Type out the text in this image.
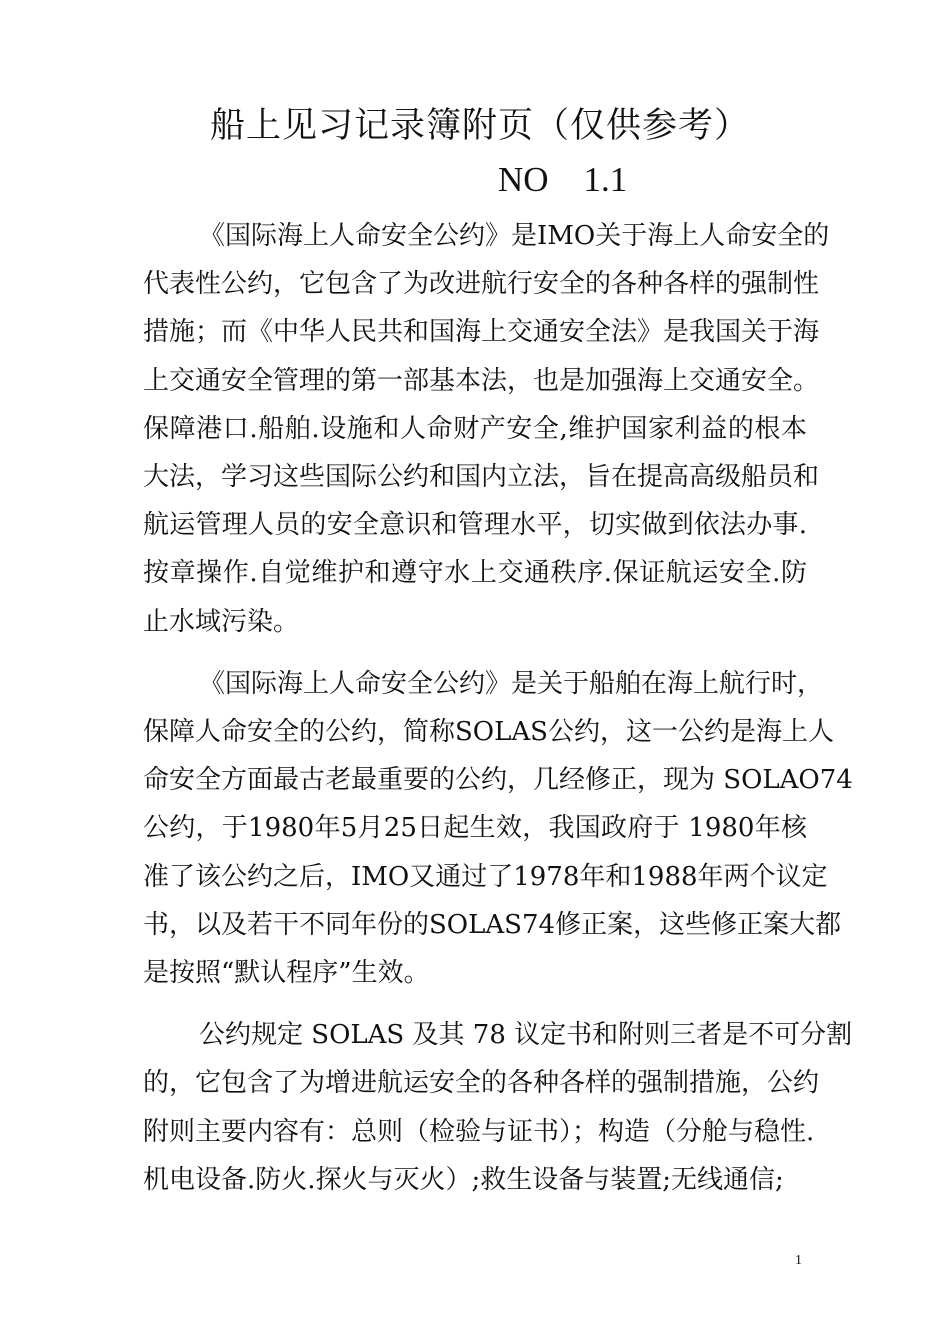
船上见习记录簿附页（仅供参考）
NO　1.1
《国际海上人命安全公约》是IMO关于海上人命安全的
代表性公约，它包含了为改进航行安全的各种各样的强制性
措施；而《中华人民共和国海上交通安全法》是我国关于海
上交通安全管理的第一部基本法，也是加强海上交通安全。
保障港口.船舶.设施和人命财产安全,维护国家利益的根本
大法，学习这些国际公约和国内立法，旨在提高高级船员和
航运管理人员的安全意识和管理水平，切实做到依法办事.
按章操作.自觉维护和遵守水上交通秩序.保证航运安全.防
止水域污染。
《国际海上人命安全公约》是关于船舶在海上航行时，
保障人命安全的公约，简称SOLAS公约，这一公约是海上人
命安全方面最古老最重要的公约，几经修正，现为 SOLAO74
公约，于1980年5月25日起生效，我国政府于 1980年核
准了该公约之后，IMO又通过了1978年和1988年两个议定
书，以及若干不同年份的SOLAS74修正案，这些修正案大都
是按照“默认程序”生效。
公约规定 SOLAS 及其 78 议定书和附则三者是不可分割
的，它包含了为增进航运安全的各种各样的强制措施，公约
附则主要内容有：总则（检验与证书）；构造（分舱与稳性.
机电设备.防火.探火与灭火）;救生设备与装置;无线通信;
1
